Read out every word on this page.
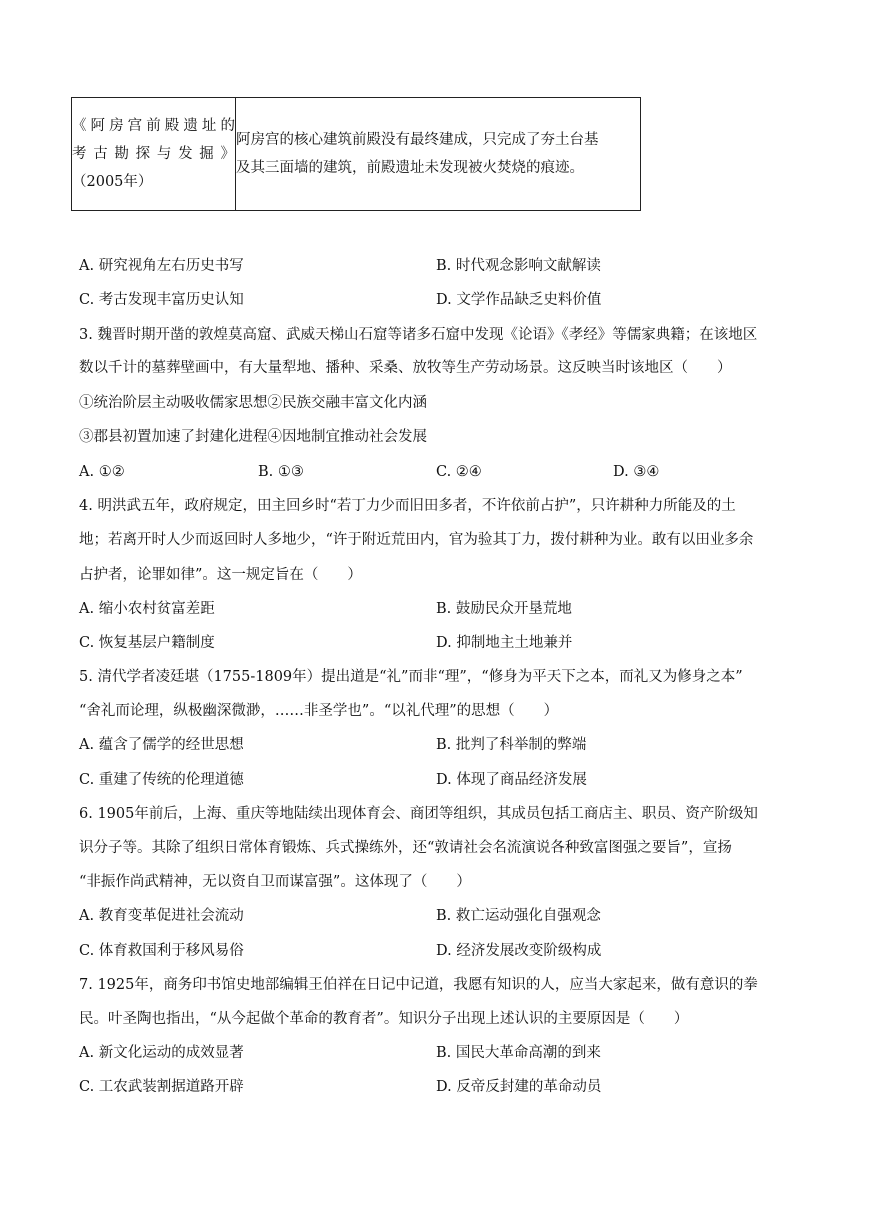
《阿房宫前殿遗址的
考古勘探与发掘》
（2005年）

阿房宫的核心建筑前殿没有最终建成，只完成了夯土台基
及其三面墙的建筑，前殿遗址未发现被火焚烧的痕迹。
A. 研究视角左右历史书写	B. 时代观念影响文献解读
C. 考古发现丰富历史认知	D. 文学作品缺乏史料价值
3. 魏晋时期开凿的敦煌莫高窟、武威天梯山石窟等诸多石窟中发现《论语》《孝经》等儒家典籍；在该地区
数以千计的墓葬壁画中，有大量犁地、播种、采桑、放牧等生产劳动场景。这反映当时该地区（　　）
①统治阶层主动吸收儒家思想②民族交融丰富文化内涵
③郡县初置加速了封建化进程④因地制宜推动社会发展
A. ①②	B. ①③	C. ②④	D. ③④
4. 明洪武五年，政府规定，田主回乡时“若丁力少而旧田多者，不许依前占护”，只许耕种力所能及的土
地；若离开时人少而返回时人多地少，“许于附近荒田内，官为验其丁力，拨付耕种为业。敢有以田业多余
占护者，论罪如律”。这一规定旨在（　　）
A. 缩小农村贫富差距	B. 鼓励民众开垦荒地
C. 恢复基层户籍制度	D. 抑制地主土地兼并
5. 清代学者凌廷堪（1755-1809年）提出道是“礼”而非“理”，“修身为平天下之本，而礼又为修身之本”
“舍礼而论理，纵极幽深微渺，……非圣学也”。“以礼代理”的思想（　　）
A. 蕴含了儒学的经世思想	B. 批判了科举制的弊端
C. 重建了传统的伦理道德	D. 体现了商品经济发展
6. 1905年前后，上海、重庆等地陆续出现体育会、商团等组织，其成员包括工商店主、职员、资产阶级知
识分子等。其除了组织日常体育锻炼、兵式操练外，还“敦请社会名流演说各种致富图强之要旨”，宣扬
“非振作尚武精神，无以资自卫而谋富强”。这体现了（　　）
A. 教育变革促进社会流动	B. 救亡运动强化自强观念
C. 体育救国利于移风易俗	D. 经济发展改变阶级构成
7. 1925年，商务印书馆史地部编辑王伯祥在日记中记道，我愿有知识的人，应当大家起来，做有意识的拳
民。叶圣陶也指出，“从今起做个革命的教育者”。知识分子出现上述认识的主要原因是（　　）
A. 新文化运动的成效显著	B. 国民大革命高潮的到来
C. 工农武装割据道路开辟	D. 反帝反封建的革命动员
